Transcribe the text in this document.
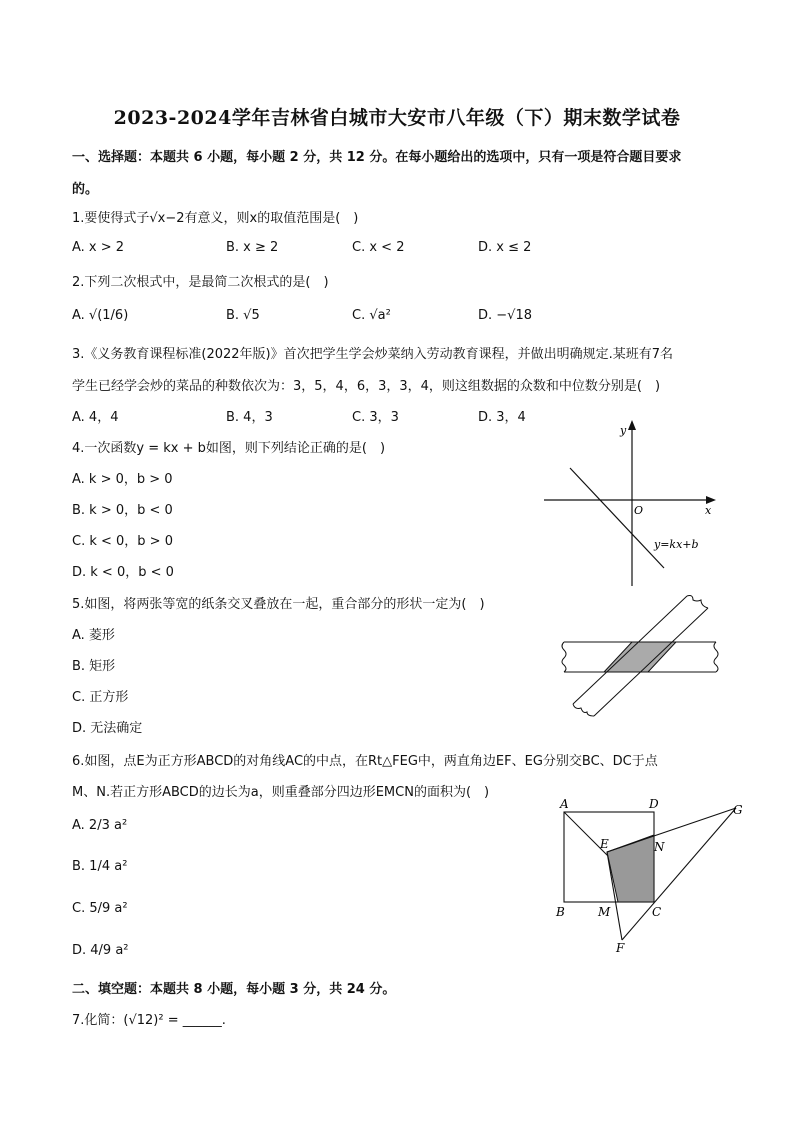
2023-2024学年吉林省白城市大安市八年级（下）期末数学试卷
一、选择题：本题共 6 小题，每小题 2 分，共 12 分。在每小题给出的选项中，只有一项是符合题目要求
的。
1.要使得式子√x−2有意义，则x的取值范围是(　)
A. x > 2	B. x ≥ 2	C. x < 2	D. x ≤ 2
2.下列二次根式中，是最简二次根式的是(　)
A. √(1/6)	B. √5	C. √a²	D. −√18
3.《义务教育课程标准(2022年版)》首次把学生学会炒菜纳入劳动教育课程，并做出明确规定.某班有7名
学生已经学会炒的菜品的种数依次为：3，5，4，6，3，3，4，则这组数据的众数和中位数分别是(　)
A. 4，4	B. 4，3	C. 3，3	D. 3，4
4.一次函数y = kx + b如图，则下列结论正确的是(　)
A. k > 0，b > 0
B. k > 0，b < 0
C. k < 0，b > 0
D. k < 0，b < 0
y
x
O
y=kx+b
5.如图，将两张等宽的纸条交叉叠放在一起，重合部分的形状一定为(　)
A. 菱形
B. 矩形
C. 正方形
D. 无法确定
6.如图，点E为正方形ABCD的对角线AC的中点，在Rt△FEG中，两直角边EF、EG分别交BC、DC于点
M、N.若正方形ABCD的边长为a，则重叠部分四边形EMCN的面积为(　)
A. 2/3 a²
B. 1/4 a²
C. 5/9 a²
D. 4/9 a²
A	D
B	C
E	N
M
F
G
二、填空题：本题共 8 小题，每小题 3 分，共 24 分。
7.化简：(√12)² = ______.
